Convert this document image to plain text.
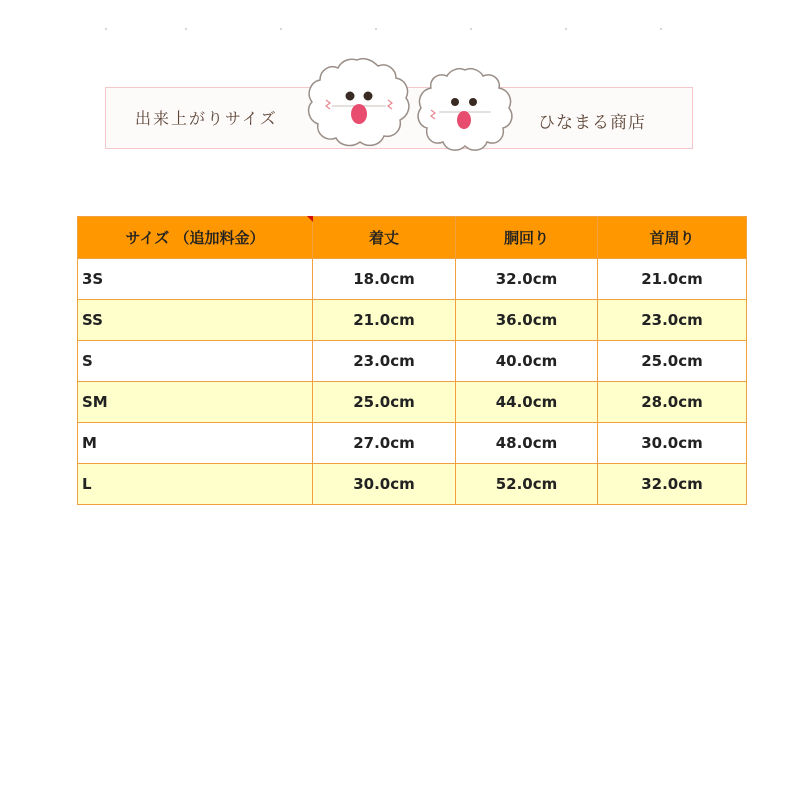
出来上がりサイズ	ひなまる商店
サイズ （追加料金）	着丈	胴回り	首周り
3S	18.0cm	32.0cm	21.0cm
SS	21.0cm	36.0cm	23.0cm
S	23.0cm	40.0cm	25.0cm
SM	25.0cm	44.0cm	28.0cm
M	27.0cm	48.0cm	30.0cm
L	30.0cm	52.0cm	32.0cm
